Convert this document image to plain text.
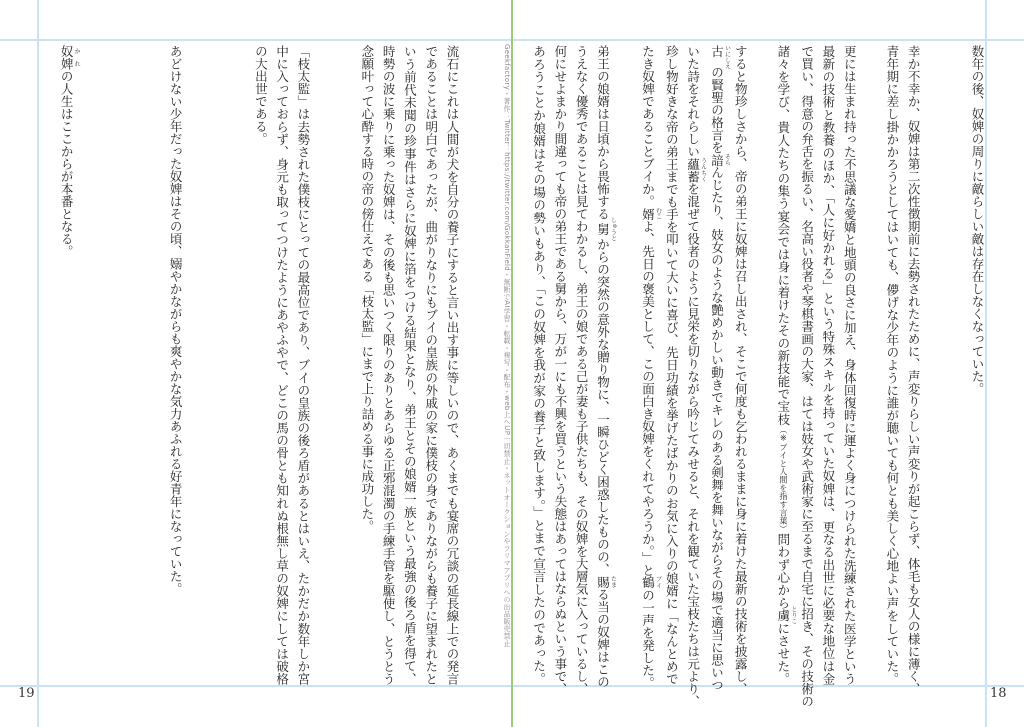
Geekfactory・著作：Twitter：https://twitter.com/GokkanField・無断でAI学習・転載・複写・配布・web上へUP一切禁止・ネットオークションやフリマアプリへの出品販売禁止	数年の後、奴婢の周りに敵らしい敵は存在しなくなっていた。
幸か不幸か、奴婢は第二次性徴期前に去勢されたために、声変りらしい声変りが起こらず、体毛も女人の様に薄く、
青年期に差し掛かかろうとしてはいても、儚げな少年のように誰が聴いても何とも美しく心地よい声をしていた。
更には生まれ持った不思議な愛嬌と地頭の良さに加え、身体回復時に運よく身につけられた洗練された医学という
最新の技術と教養のほか、「人に好かれる」という特殊スキルを持っていた奴婢は、更なる出世に必要な地位は金
で買い、得意の弁舌を振るい、名高い役者や琴棋書画の大家、はては妓女や武術家に至るまで自宅に招き、その技術の
諸々を学び、貴人たちの集う宴会では身に着けたその新技能で宝枝（※ブイと人間を指す言葉）問わず心から虜 とりこにさせた。
すると物珍しさから、帝の弟王に奴婢は召し出され、そこで何度も乞われるままに身に着けた最新の技術を披露し、
古 いにしえの賢聖の格言を諳 そらんじたり、妓女のような艶めかしい動きでキレのある剣舞を舞いながらその場で適当に思いつ
いた詩をそれらしい蘊蓄 うんちくを混ぜて役者のように見栄を切りながら吟じてみせると、それを観ていた宝枝たちは元より、
珍し物好きな帝の弟王までも手を叩いて大いに喜び、先日功績を挙げたばかりのお気に入りの娘婿に「なんとめで
たき奴婢であることブイか。婿 むこよ、先日の褒美として、この面白き奴婢をくれてやろうか。」と鶴 ブイの一声を発した。
弟王の娘婿は日頃から畏怖する舅 しゅうとからの突然の意外な贈り物に、一瞬ひどく困惑したものの、賜 たまる当の奴婢はこの
うえなく優秀であることは見てわかるし、弟王の娘である己が妻も子供たちも、その奴婢を大層気に入っているし、
何にせよまかり間違っても帝の弟王である舅から、万が一にも不興を買うという失態はあってはならぬという事で、
あろうことか娘婿はその場の勢いもあり、「この奴婢を我が家の養子と致します。」とまで宣言したのであった。
流石にこれは人間が犬を自分の養子にすると言い出す事に等しいので、あくまでも宴席の冗談の延長線上での発言
であることは明白であったが、曲がりなりにもブイの皇族の外戚の家に僕枝の身でありながらも養子に望まれたと
いう前代未聞の珍事件はさらに奴婢に箔をつける結果となり、弟王とその娘婿一族という最強の後ろ盾を得て、
時勢の波に乗りに乗った奴婢は、その後も思いつく限りのありとあらゆる正邪混濁の手練手管を駆使し、とうとう
念願叶って心酔する時の帝の傍仕えである「枝太監」にまで上り詰める事に成功した。
「枝太監」は去勢された僕枝にとっての最高位であり、ブイの皇族の後ろ盾があるとはいえ、たかだか数年しか宮
中に入っておらず、身元も取ってつけたようにあやふやで、どこの馬の骨とも知れぬ根無し草の奴婢にしては破格
の大出世である。
あどけない少年だった奴婢はその頃、嫋やかながらも爽やかな気力あふれる好青年になっていた。
奴婢 かれの人生はここからが本番となる。
19	18
